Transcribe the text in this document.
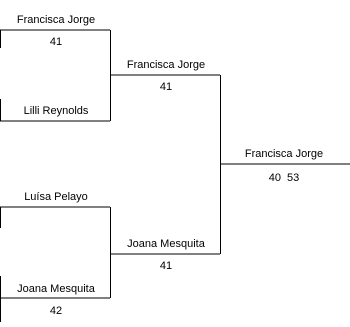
Francisca Jorge
41
Lilli Reynolds
Luísa Pelayo
Joana Mesquita
42
Francisca Jorge
41
Joana Mesquita
41
Francisca Jorge
40  53
